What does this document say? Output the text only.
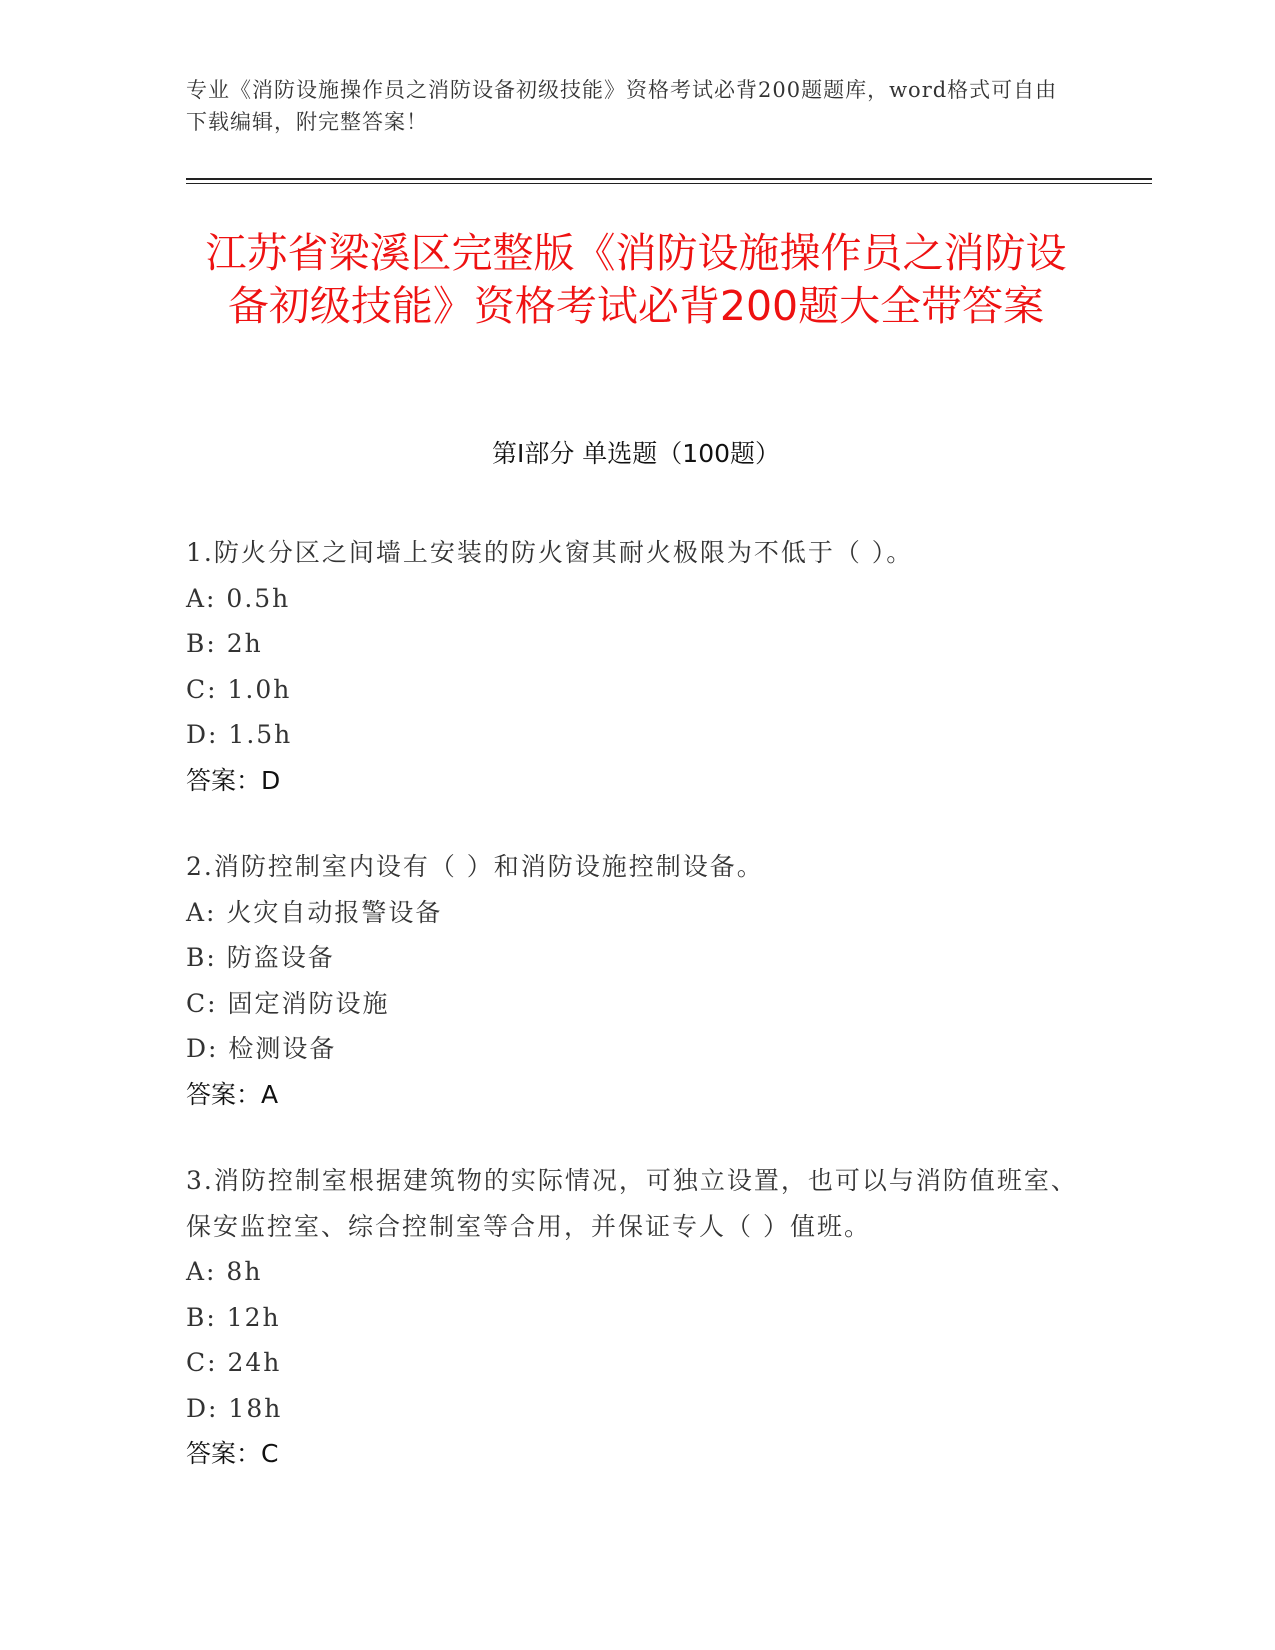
专业《消防设施操作员之消防设备初级技能》资格考试必背200题题库，word格式可自由下载编辑，附完整答案！
江苏省梁溪区完整版《消防设施操作员之消防设备初级技能》资格考试必背200题大全带答案
第Ⅰ部分 单选题（100题）

1.防火分区之间墙上安装的防火窗其耐火极限为不低于（ ）。

A: 0.5h

B: 2h

C: 1.0h

D: 1.5h

答案：D

2.消防控制室内设有（ ）和消防设施控制设备。

A: 火灾自动报警设备

B: 防盗设备

C: 固定消防设施

D: 检测设备

答案：A

3.消防控制室根据建筑物的实际情况，可独立设置，也可以与消防值班室、保安监控室、综合控制室等合用，并保证专人（ ）值班。

A: 8h

B: 12h

C: 24h

D: 18h

答案：C
